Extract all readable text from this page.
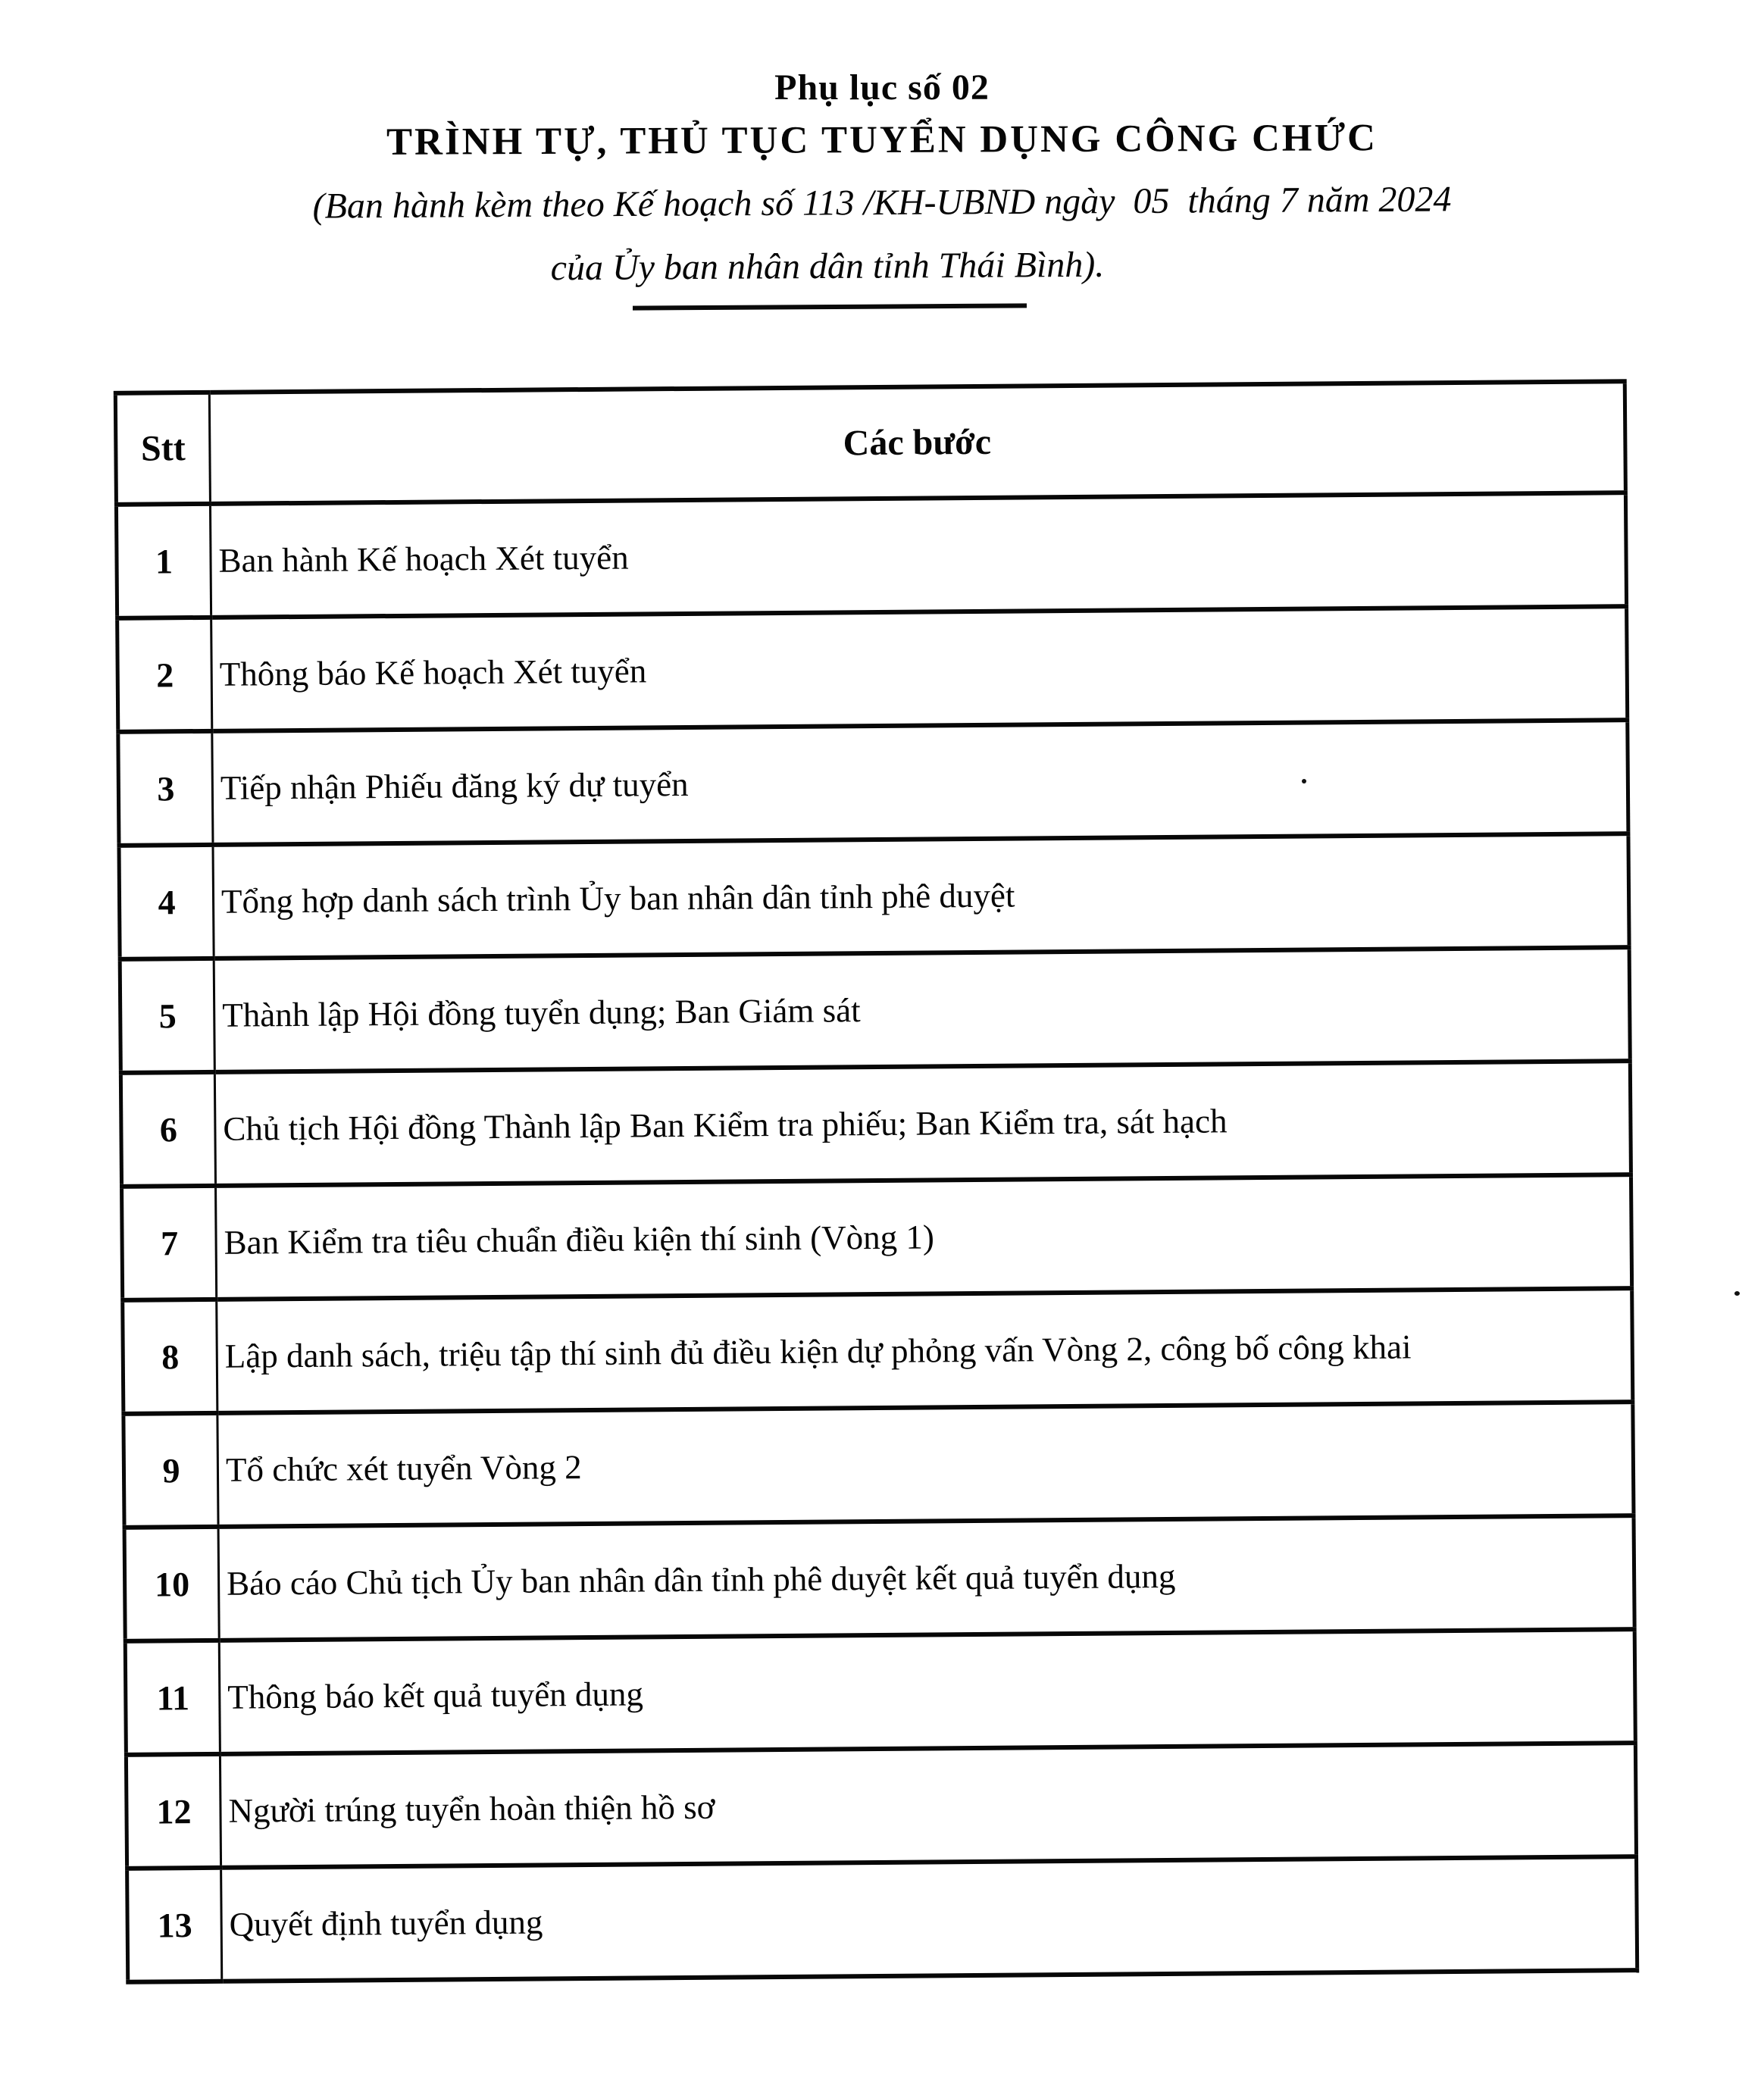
Phụ lục số 02
TRÌNH TỰ, THỦ TỤC TUYỂN DỤNG CÔNG CHỨC
(Ban hành kèm theo Kế hoạch số 113 /KH-UBND ngày  05  tháng 7 năm 2024
của Ủy ban nhân dân tỉnh Thái Bình).
Stt	Các bước
1	Ban hành Kế hoạch Xét tuyển
2	Thông báo Kế hoạch Xét tuyển
3	Tiếp nhận Phiếu đăng ký dự tuyển
4	Tổng hợp danh sách trình Ủy ban nhân dân tỉnh phê duyệt
5	Thành lập Hội đồng tuyển dụng; Ban Giám sát
6	Chủ tịch Hội đồng Thành lập Ban Kiểm tra phiếu; Ban Kiểm tra, sát hạch
7	Ban Kiểm tra tiêu chuẩn điều kiện thí sinh (Vòng 1)
8	Lập danh sách, triệu tập thí sinh đủ điều kiện dự phỏng vấn Vòng 2, công bố công khai
9	Tổ chức xét tuyển Vòng 2
10	Báo cáo Chủ tịch Ủy ban nhân dân tỉnh phê duyệt kết quả tuyển dụng
11	Thông báo kết quả tuyển dụng
12	Người trúng tuyển hoàn thiện hồ sơ
13	Quyết định tuyển dụng
